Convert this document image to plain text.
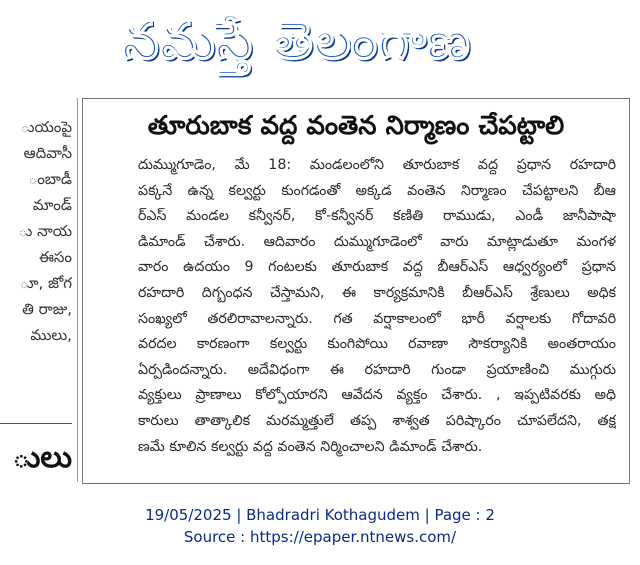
నమస్తే తెలంగాణ
ుయంపై
ఆదివాసీ
ంబాడీ
మాండ్
ు నాయ
ఈసం
ూ, జోగ
తి రాజు,
ములు,
ులు
తూరుబాక వద్ద వంతెన నిర్మాణం చేపట్టాలి
దుమ్ముగూడెం, మే 18: మండలంలోని తూరుబాక వద్ద ప్రధాన రహదారి
పక్కనే ఉన్న కల్వర్టు కుంగడంతో అక్కడ వంతెన నిర్మాణం చేపట్టాలని బీఆ
ర్ఎస్ మండల కన్వీనర్, కో-కన్వీనర్ కణితి రాముడు, ఎండీ జానీపాషా
డిమాండ్ చేశారు. ఆదివారం దుమ్ముగూడెంలో వారు మాట్లాడుతూ మంగళ
వారం ఉదయం 9 గంటలకు తూరుబాక వద్ద బీఆర్ఎస్ ఆధ్వర్యంలో ప్రధాన
రహదారి దిగ్బంధన చేస్తామని, ఈ కార్యక్రమానికి బీఆర్ఎస్ శ్రేణులు అధిక
సంఖ్యలో తరలిరావాలన్నారు. గత వర్షాకాలంలో భారీ వర్షాలకు గోదావరి
వరదల కారణంగా కల్వర్టు కుంగిపోయి రవాణా సౌకర్యానికి అంతరాయం
ఏర్పడిందన్నారు. అదేవిధంగా ఈ రహదారి గుండా ప్రయాణించి ముగ్గురు
వ్యక్తులు ప్రాణాలు కోల్పోయారని ఆవేదన వ్యక్తం చేశారు. , ఇప్పటివరకు అధి
కారులు తాత్కాలిక మరమ్మత్తులే తప్ప శాశ్వత పరిష్కారం చూపలేదని, తక్ష
ణమే కూలిన కల్వర్టు వద్ద వంతెన నిర్మించాలని డిమాండ్ చేశారు.
19/05/2025 | Bhadradri Kothagudem | Page : 2
Source : https://epaper.ntnews.com/
